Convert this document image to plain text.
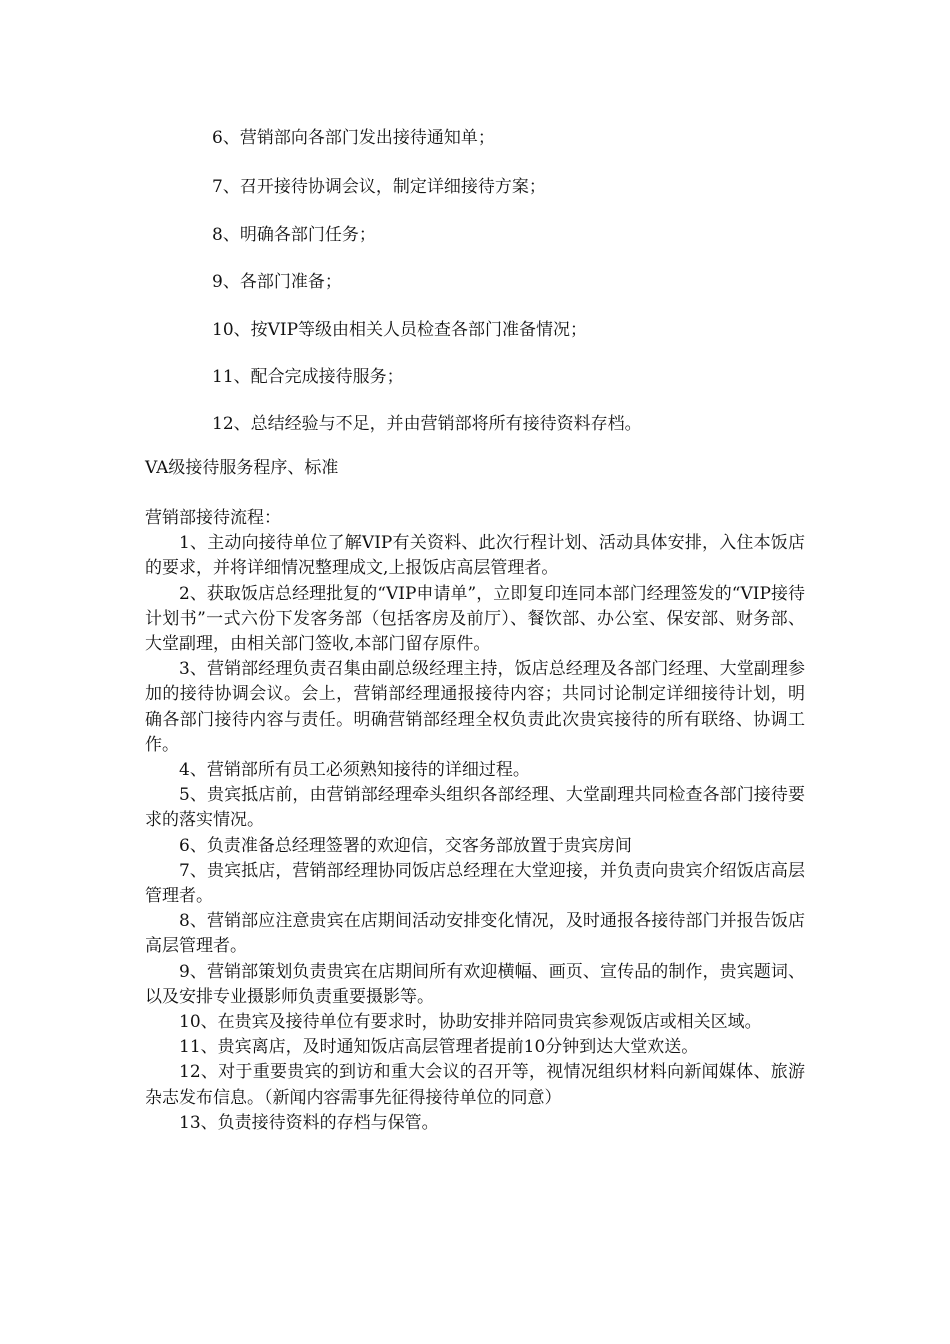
6、营销部向各部门发出接待通知单；
7、召开接待协调会议，制定详细接待方案；
8、明确各部门任务；
9、各部门准备；
10、按VIP等级由相关人员检查各部门准备情况；
11、配合完成接待服务；
12、总结经验与不足，并由营销部将所有接待资料存档。
VA级接待服务程序、标准

营销部接待流程：

1、主动向接待单位了解VIP有关资料、此次行程计划、活动具体安排，入住本饭店的要求，并将详细情况整理成文,上报饭店高层管理者。

2、获取饭店总经理批复的“VIP申请单”，立即复印连同本部门经理签发的“VIP接待计划书”一式六份下发客务部（包括客房及前厅）、餐饮部、办公室、保安部、财务部、大堂副理，由相关部门签收,本部门留存原件。

3、营销部经理负责召集由副总级经理主持，饭店总经理及各部门经理、大堂副理参加的接待协调会议。会上，营销部经理通报接待内容；共同讨论制定详细接待计划，明确各部门接待内容与责任。明确营销部经理全权负责此次贵宾接待的所有联络、协调工作。

4、营销部所有员工必须熟知接待的详细过程。

5、贵宾抵店前，由营销部经理牵头组织各部经理、大堂副理共同检查各部门接待要求的落实情况。

6、负责准备总经理签署的欢迎信，交客务部放置于贵宾房间

7、贵宾抵店，营销部经理协同饭店总经理在大堂迎接，并负责向贵宾介绍饭店高层管理者。

8、营销部应注意贵宾在店期间活动安排变化情况，及时通报各接待部门并报告饭店高层管理者。

9、营销部策划负责贵宾在店期间所有欢迎横幅、画页、宣传品的制作，贵宾题词、以及安排专业摄影师负责重要摄影等。

10、在贵宾及接待单位有要求时，协助安排并陪同贵宾参观饭店或相关区域。

11、贵宾离店，及时通知饭店高层管理者提前10分钟到达大堂欢送。

12、对于重要贵宾的到访和重大会议的召开等，视情况组织材料向新闻媒体、旅游杂志发布信息。（新闻内容需事先征得接待单位的同意）

13、负责接待资料的存档与保管。
